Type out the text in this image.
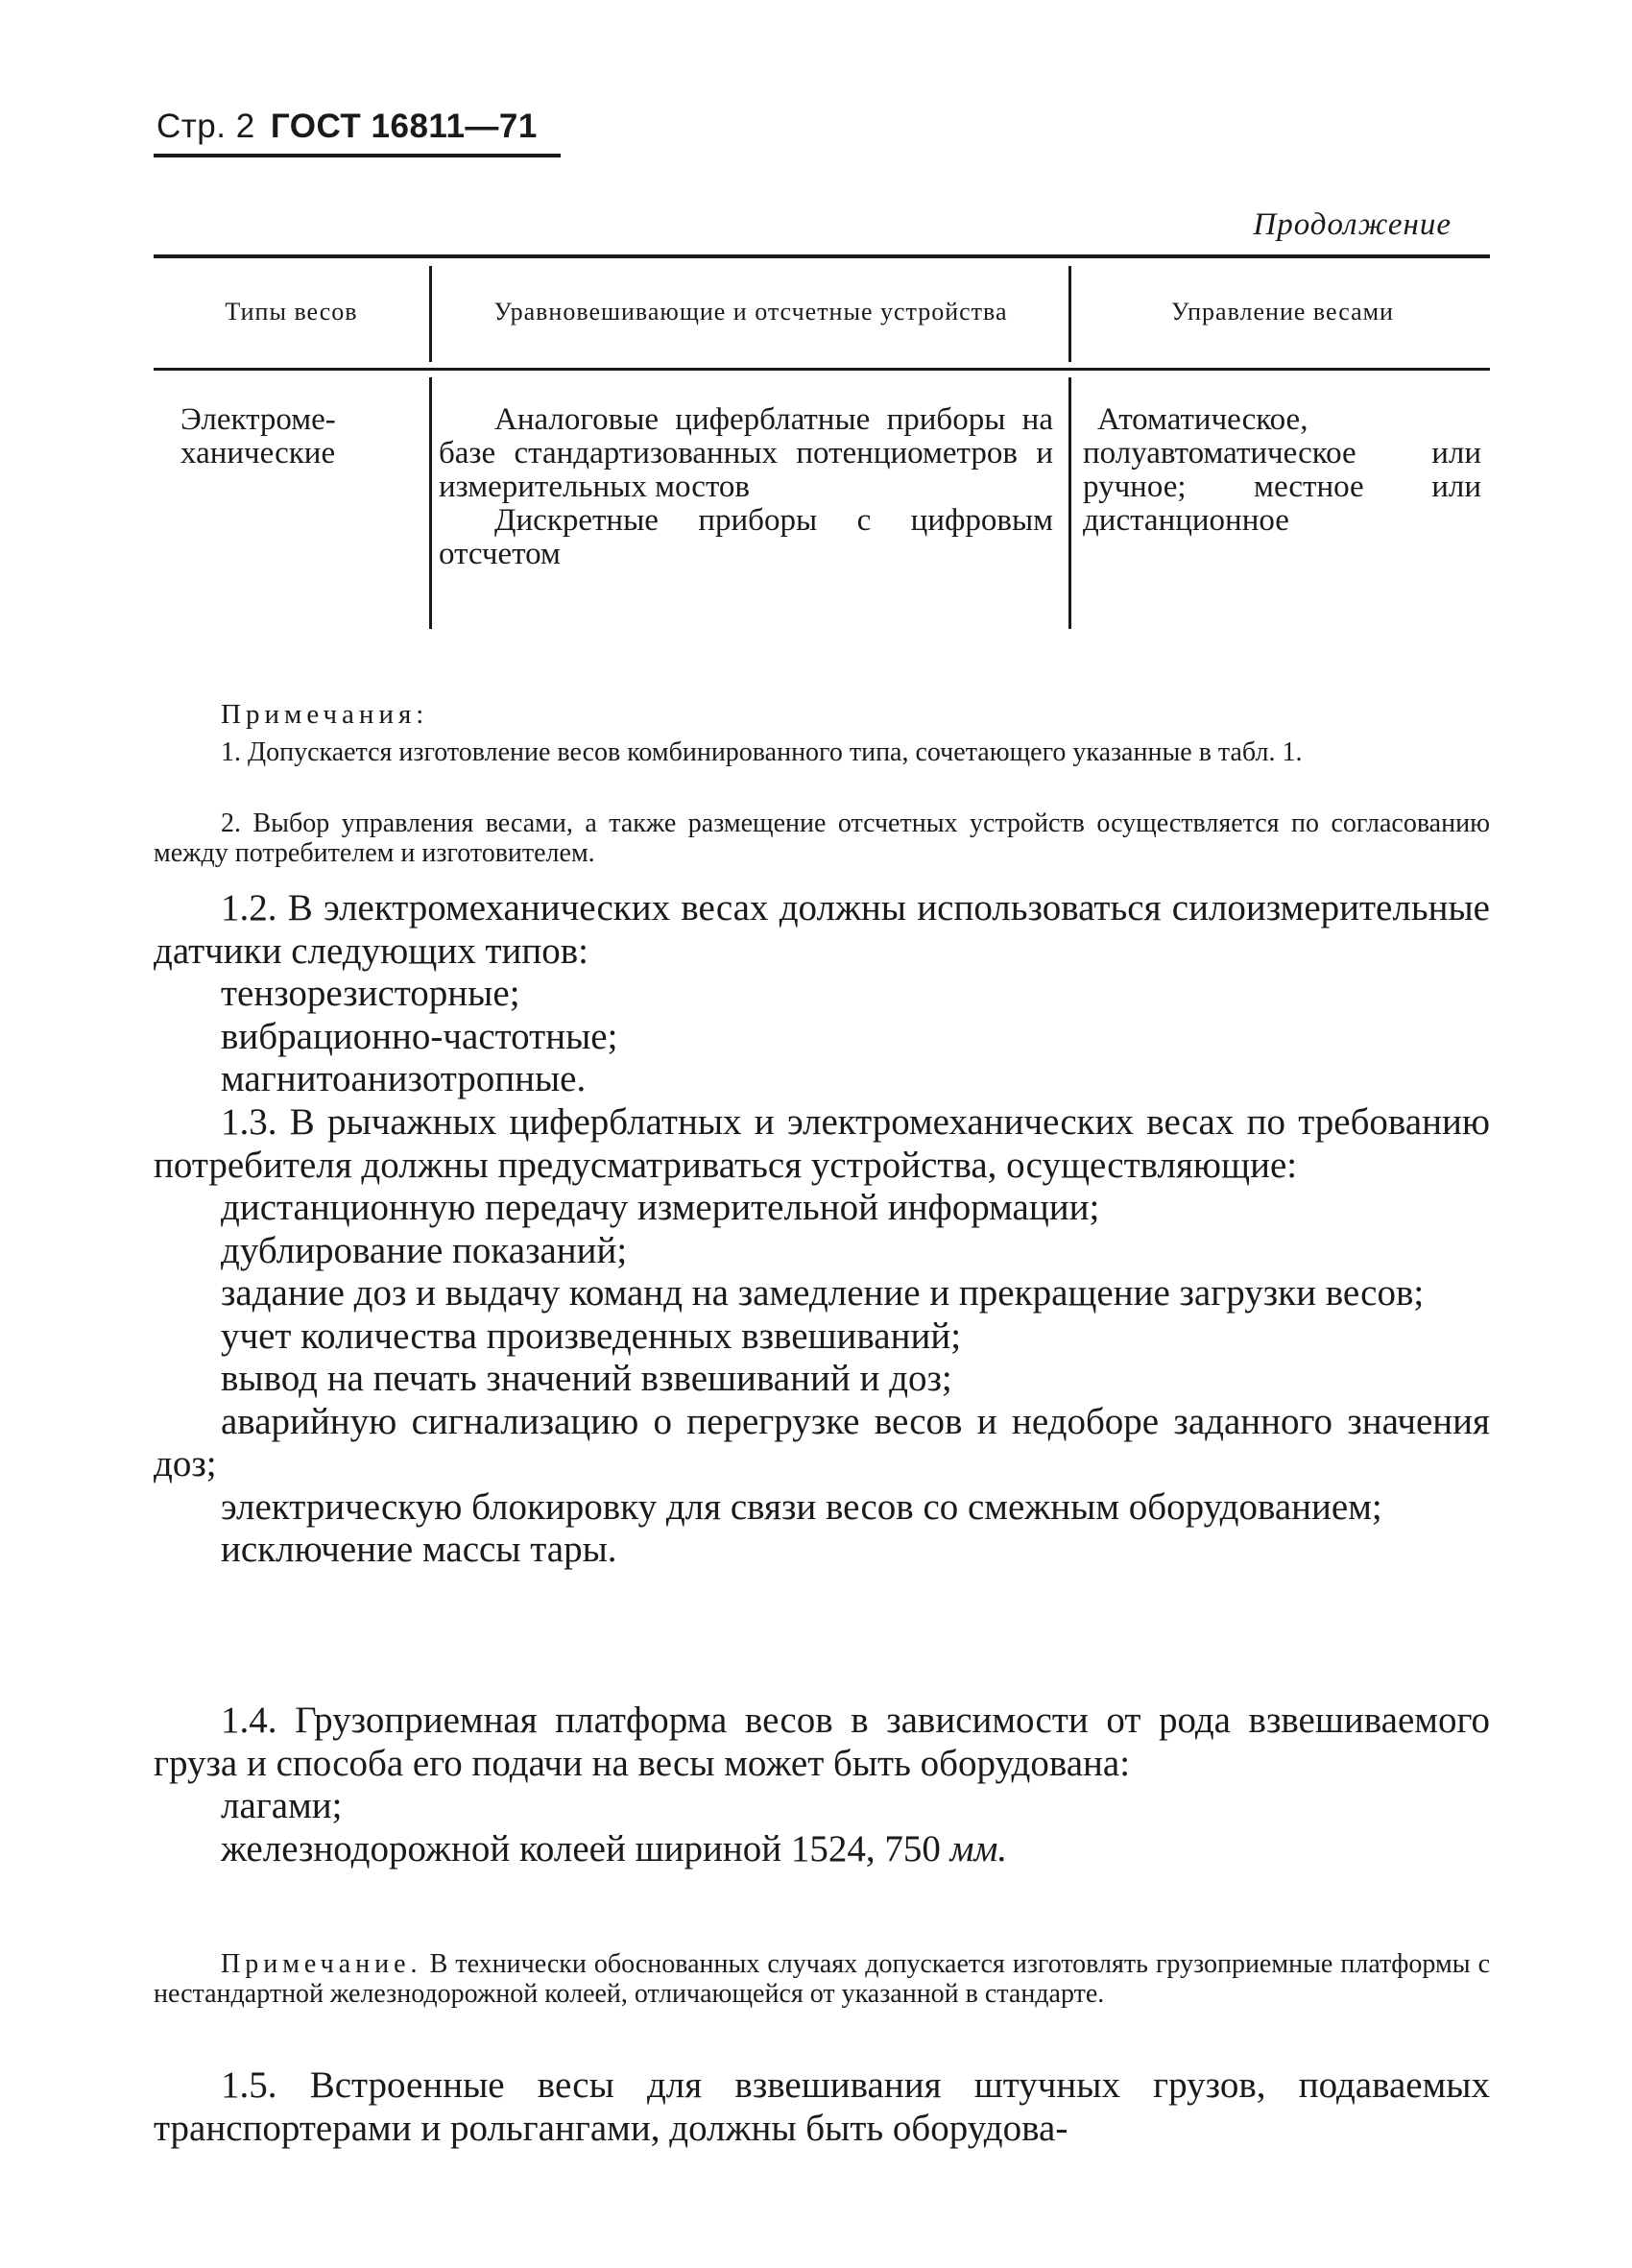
Стр. 2 ГОСТ 16811—71
Продолжение
Типы весов	Уравновешивающие и отсчетные устройства	Управление весами
Электроме-
ханические
Аналоговые циферблатные приборы на базе стандартизованных потенциометров и измерительных мостов
Дискретные приборы с цифровым отсчетом
Атоматическое, полуавтоматическое или ручное; местное или дистанционное
Примечания:
1. Допускается изготовление весов комбинированного типа, сочетающего указанные в табл. 1.
2. Выбор управления весами, а также размещение отсчетных устройств осуществляется по согласованию между потребителем и изготовителем.

1.2. В электромеханических весах должны использоваться силоизмерительные датчики следующих типов:

тензорезисторные;

вибрационно-частотные;

магнитоанизотропные.

1.3. В рычажных циферблатных и электромеханических весах по требованию потребителя должны предусматриваться устройства, осуществляющие:

дистанционную передачу измерительной информации;

дублирование показаний;

задание доз и выдачу команд на замедление и прекращение загрузки весов;

учет количества произведенных взвешиваний;

вывод на печать значений взвешиваний и доз;

аварийную сигнализацию о перегрузке весов и недоборе заданного значения доз;

электрическую блокировку для связи весов со смежным оборудованием;

исключение массы тары.

1.4. Грузоприемная платформа весов в зависимости от рода взвешиваемого груза и способа его подачи на весы может быть оборудована:

лагами;

железнодорожной колеей шириной 1524, 750 мм.

Примечание. В технически обоснованных случаях допускается изготовлять грузоприемные платформы с нестандартной железнодорожной колеей, отличающейся от указанной в стандарте.

1.5. Встроенные весы для взвешивания штучных грузов, подаваемых транспортерами и рольгангами, должны быть оборудова-
